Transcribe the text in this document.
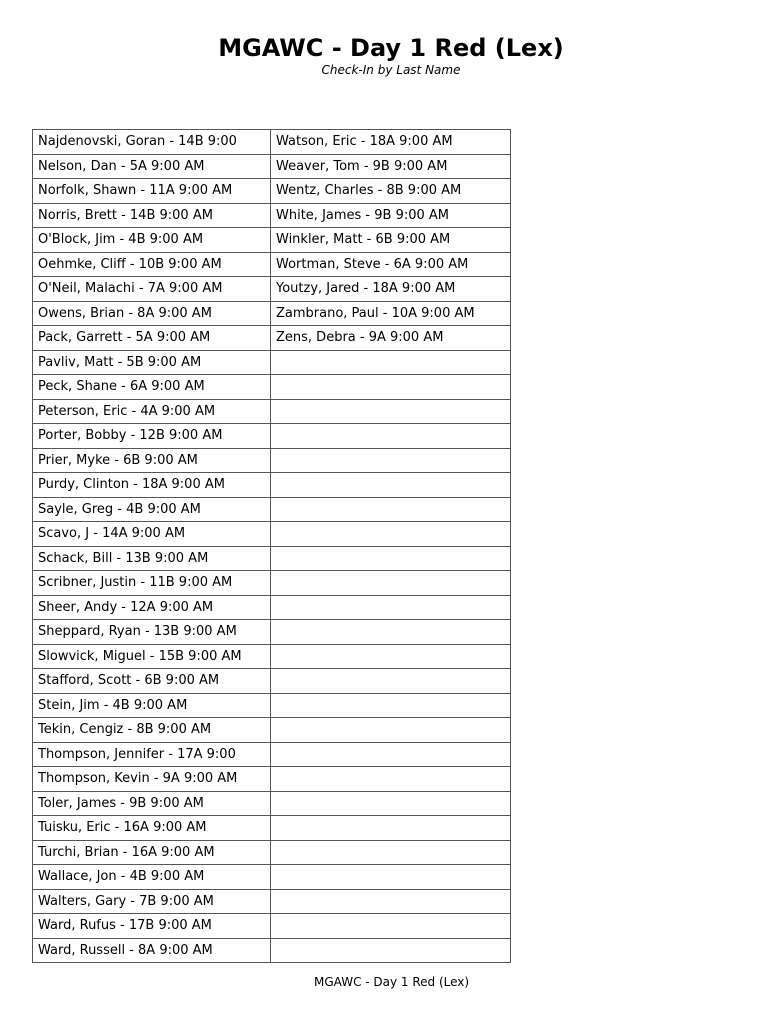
MGAWC - Day 1 Red (Lex)
Check-In by Last Name
Najdenovski, Goran - 14B 9:00	Watson, Eric - 18A 9:00 AM
Nelson, Dan - 5A 9:00 AM	Weaver, Tom - 9B 9:00 AM
Norfolk, Shawn - 11A 9:00 AM	Wentz, Charles - 8B 9:00 AM
Norris, Brett - 14B 9:00 AM	White, James - 9B 9:00 AM
O'Block, Jim - 4B 9:00 AM	Winkler, Matt - 6B 9:00 AM
Oehmke, Cliff - 10B 9:00 AM	Wortman, Steve - 6A 9:00 AM
O'Neil, Malachi - 7A 9:00 AM	Youtzy, Jared - 18A 9:00 AM
Owens, Brian - 8A 9:00 AM	Zambrano, Paul - 10A 9:00 AM
Pack, Garrett - 5A 9:00 AM	Zens, Debra - 9A 9:00 AM
Pavliv, Matt - 5B 9:00 AM	
Peck, Shane - 6A 9:00 AM	
Peterson, Eric - 4A 9:00 AM	
Porter, Bobby - 12B 9:00 AM	
Prier, Myke - 6B 9:00 AM	
Purdy, Clinton - 18A 9:00 AM	
Sayle, Greg - 4B 9:00 AM	
Scavo, J - 14A 9:00 AM	
Schack, Bill - 13B 9:00 AM	
Scribner, Justin - 11B 9:00 AM	
Sheer, Andy - 12A 9:00 AM	
Sheppard, Ryan - 13B 9:00 AM	
Slowvick, Miguel - 15B 9:00 AM	
Stafford, Scott - 6B 9:00 AM	
Stein, Jim - 4B 9:00 AM	
Tekin, Cengiz - 8B 9:00 AM	
Thompson, Jennifer - 17A 9:00	
Thompson, Kevin - 9A 9:00 AM	
Toler, James - 9B 9:00 AM	
Tuisku, Eric - 16A 9:00 AM	
Turchi, Brian - 16A 9:00 AM	
Wallace, Jon - 4B 9:00 AM	
Walters, Gary - 7B 9:00 AM	
Ward, Rufus - 17B 9:00 AM	
Ward, Russell - 8A 9:00 AM	
MGAWC - Day 1 Red (Lex)
